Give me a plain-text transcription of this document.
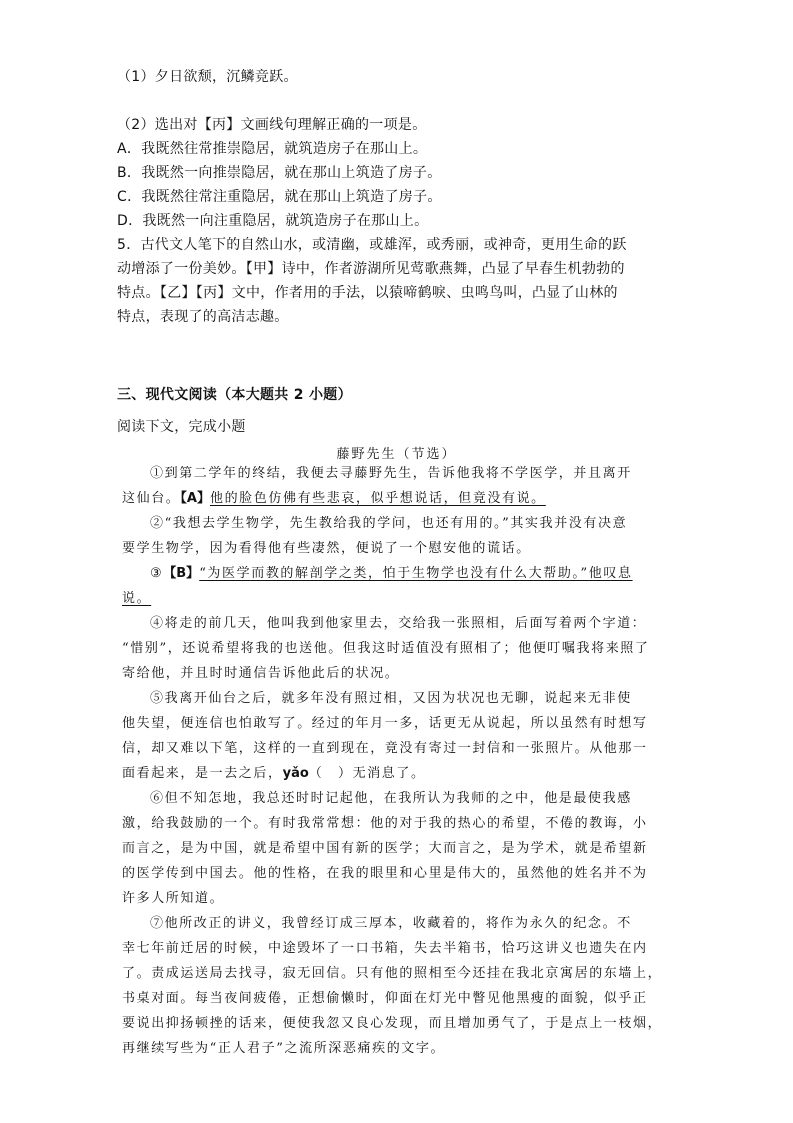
（1）夕日欲颓，沉鳞竞跃。
（2）选出对【丙】文画线句理解正确的一项是。
A．我既然往常推崇隐居，就筑造房子在那山上。
B．我既然一向推崇隐居，就在那山上筑造了房子。
C．我既然往常注重隐居，就在那山上筑造了房子。
D．我既然一向注重隐居，就筑造房子在那山上。
5．古代文人笔下的自然山水，或清幽，或雄浑，或秀丽，或神奇，更用生命的跃
动增添了一份美妙。【甲】诗中，作者游湖所见莺歌燕舞，凸显了早春生机勃勃的
特点。【乙】【丙】文中，作者用的手法，以猿啼鹤唳、虫鸣鸟叫，凸显了山林的
特点，表现了的高洁志趣。
三、现代文阅读（本大题共 2 小题）
阅读下文，完成小题
藤野先生（节选）
①到第二学年的终结，我便去寻藤野先生，告诉他我将不学医学，并且离开
这仙台。【A】他的脸色仿佛有些悲哀，似乎想说话，但竟没有说。
②“我想去学生物学，先生教给我的学问，也还有用的。”其实我并没有决意
要学生物学，因为看得他有些凄然，便说了一个慰安他的谎话。
③【B】“为医学而教的解剖学之类，怕于生物学也没有什么大帮助。”他叹息
说。
④将走的前几天，他叫我到他家里去，交给我一张照相，后面写着两个字道：
“惜别”，还说希望将我的也送他。但我这时适值没有照相了；他便叮嘱我将来照了
寄给他，并且时时通信告诉他此后的状况。
⑤我离开仙台之后，就多年没有照过相，又因为状况也无聊，说起来无非使
他失望，便连信也怕敢写了。经过的年月一多，话更无从说起，所以虽然有时想写
信，却又难以下笔，这样的一直到现在，竟没有寄过一封信和一张照片。从他那一
面看起来，是一去之后，yǎo（　）无消息了。
⑥但不知怎地，我总还时时记起他，在我所认为我师的之中，他是最使我感
激，给我鼓励的一个。有时我常常想：他的对于我的热心的希望，不倦的教诲，小
而言之，是为中国，就是希望中国有新的医学；大而言之，是为学术，就是希望新
的医学传到中国去。他的性格，在我的眼里和心里是伟大的，虽然他的姓名并不为
许多人所知道。
⑦他所改正的讲义，我曾经订成三厚本，收藏着的，将作为永久的纪念。不
幸七年前迁居的时候，中途毁坏了一口书箱，失去半箱书，恰巧这讲义也遗失在内
了。责成运送局去找寻，寂无回信。只有他的照相至今还挂在我北京寓居的东墙上，
书桌对面。每当夜间疲倦，正想偷懒时，仰面在灯光中瞥见他黑瘦的面貌，似乎正
要说出抑扬顿挫的话来，便使我忽又良心发现，而且增加勇气了，于是点上一枝烟，
再继续写些为“正人君子”之流所深恶痛疾的文字。
